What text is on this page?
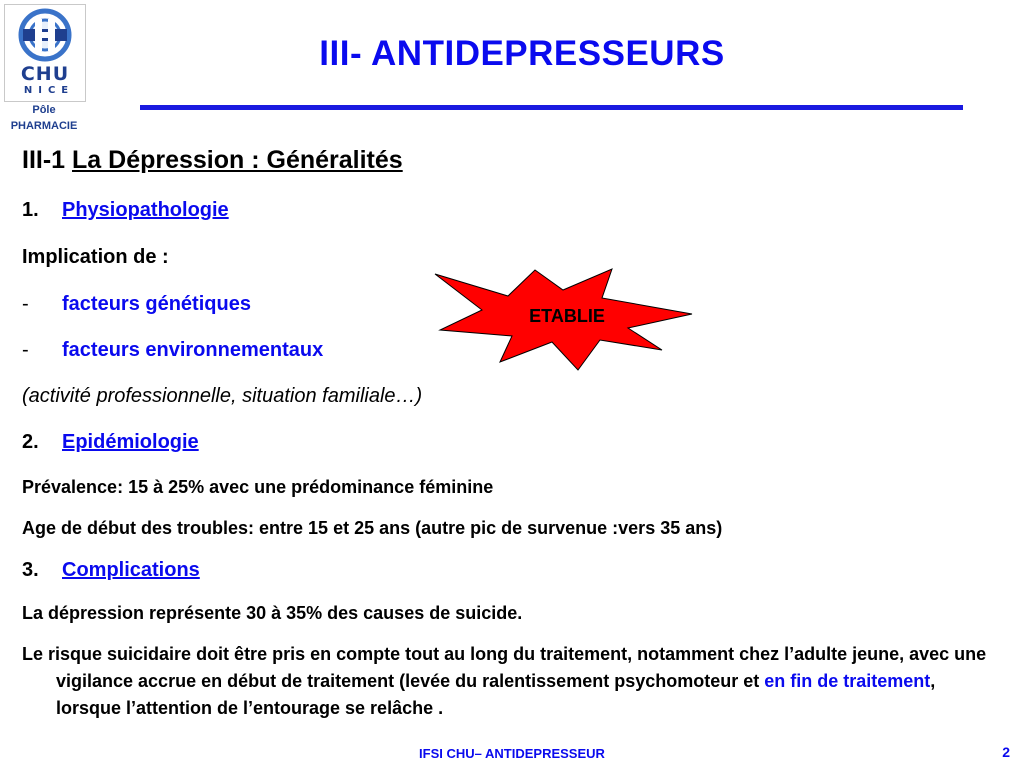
CHU
NICE
Pôle
PHARMACIE
III- ANTIDEPRESSEURS
III-1 La Dépression : Généralités
1. Physiopathologie
Implication de :
- facteurs génétiques
- facteurs environnementaux
(activité professionnelle, situation familiale…)
ETABLIE
2. Epidémiologie
Prévalence: 15 à 25% avec une prédominance féminine
Age de début des troubles: entre 15 et 25 ans (autre pic de survenue :vers 35 ans)
3. Complications
La dépression représente 30 à 35% des causes de suicide.
Le risque suicidaire doit être pris en compte tout au long du traitement, notamment chez l’adulte jeune, avec une vigilance accrue en début de traitement (levée du ralentissement psychomoteur et en fin de traitement, lorsque l’attention de l’entourage se relâche .
IFSI CHU– ANTIDEPRESSEUR	2
